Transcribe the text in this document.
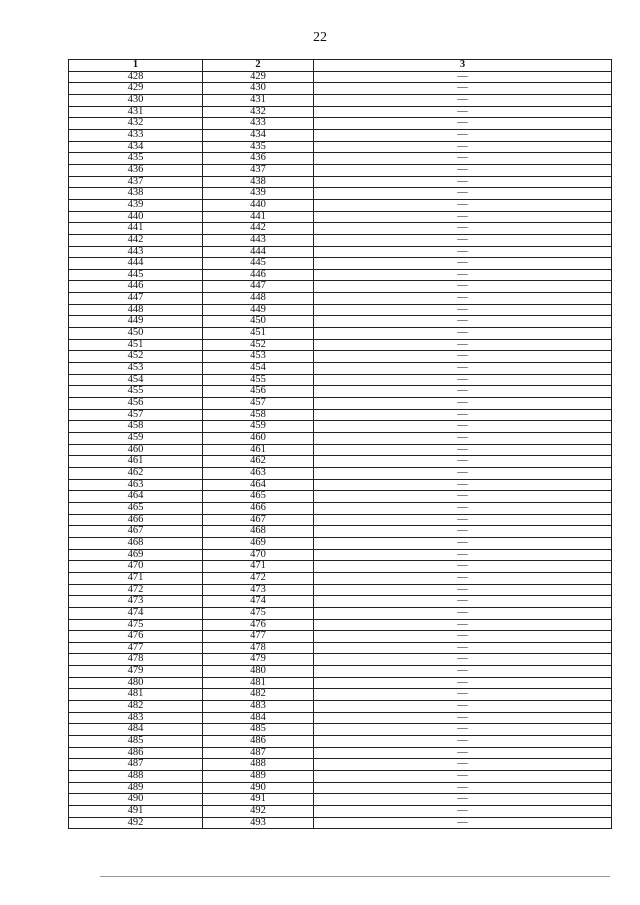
22
1	2	3
428	429	—
429	430	—
430	431	—
431	432	—
432	433	—
433	434	—
434	435	—
435	436	—
436	437	—
437	438	—
438	439	—
439	440	—
440	441	—
441	442	—
442	443	—
443	444	—
444	445	—
445	446	—
446	447	—
447	448	—
448	449	—
449	450	—
450	451	—
451	452	—
452	453	—
453	454	—
454	455	—
455	456	—
456	457	—
457	458	—
458	459	—
459	460	—
460	461	—
461	462	—
462	463	—
463	464	—
464	465	—
465	466	—
466	467	—
467	468	—
468	469	—
469	470	—
470	471	—
471	472	—
472	473	—
473	474	—
474	475	—
475	476	—
476	477	—
477	478	—
478	479	—
479	480	—
480	481	—
481	482	—
482	483	—
483	484	—
484	485	—
485	486	—
486	487	—
487	488	—
488	489	—
489	490	—
490	491	—
491	492	—
492	493	—
